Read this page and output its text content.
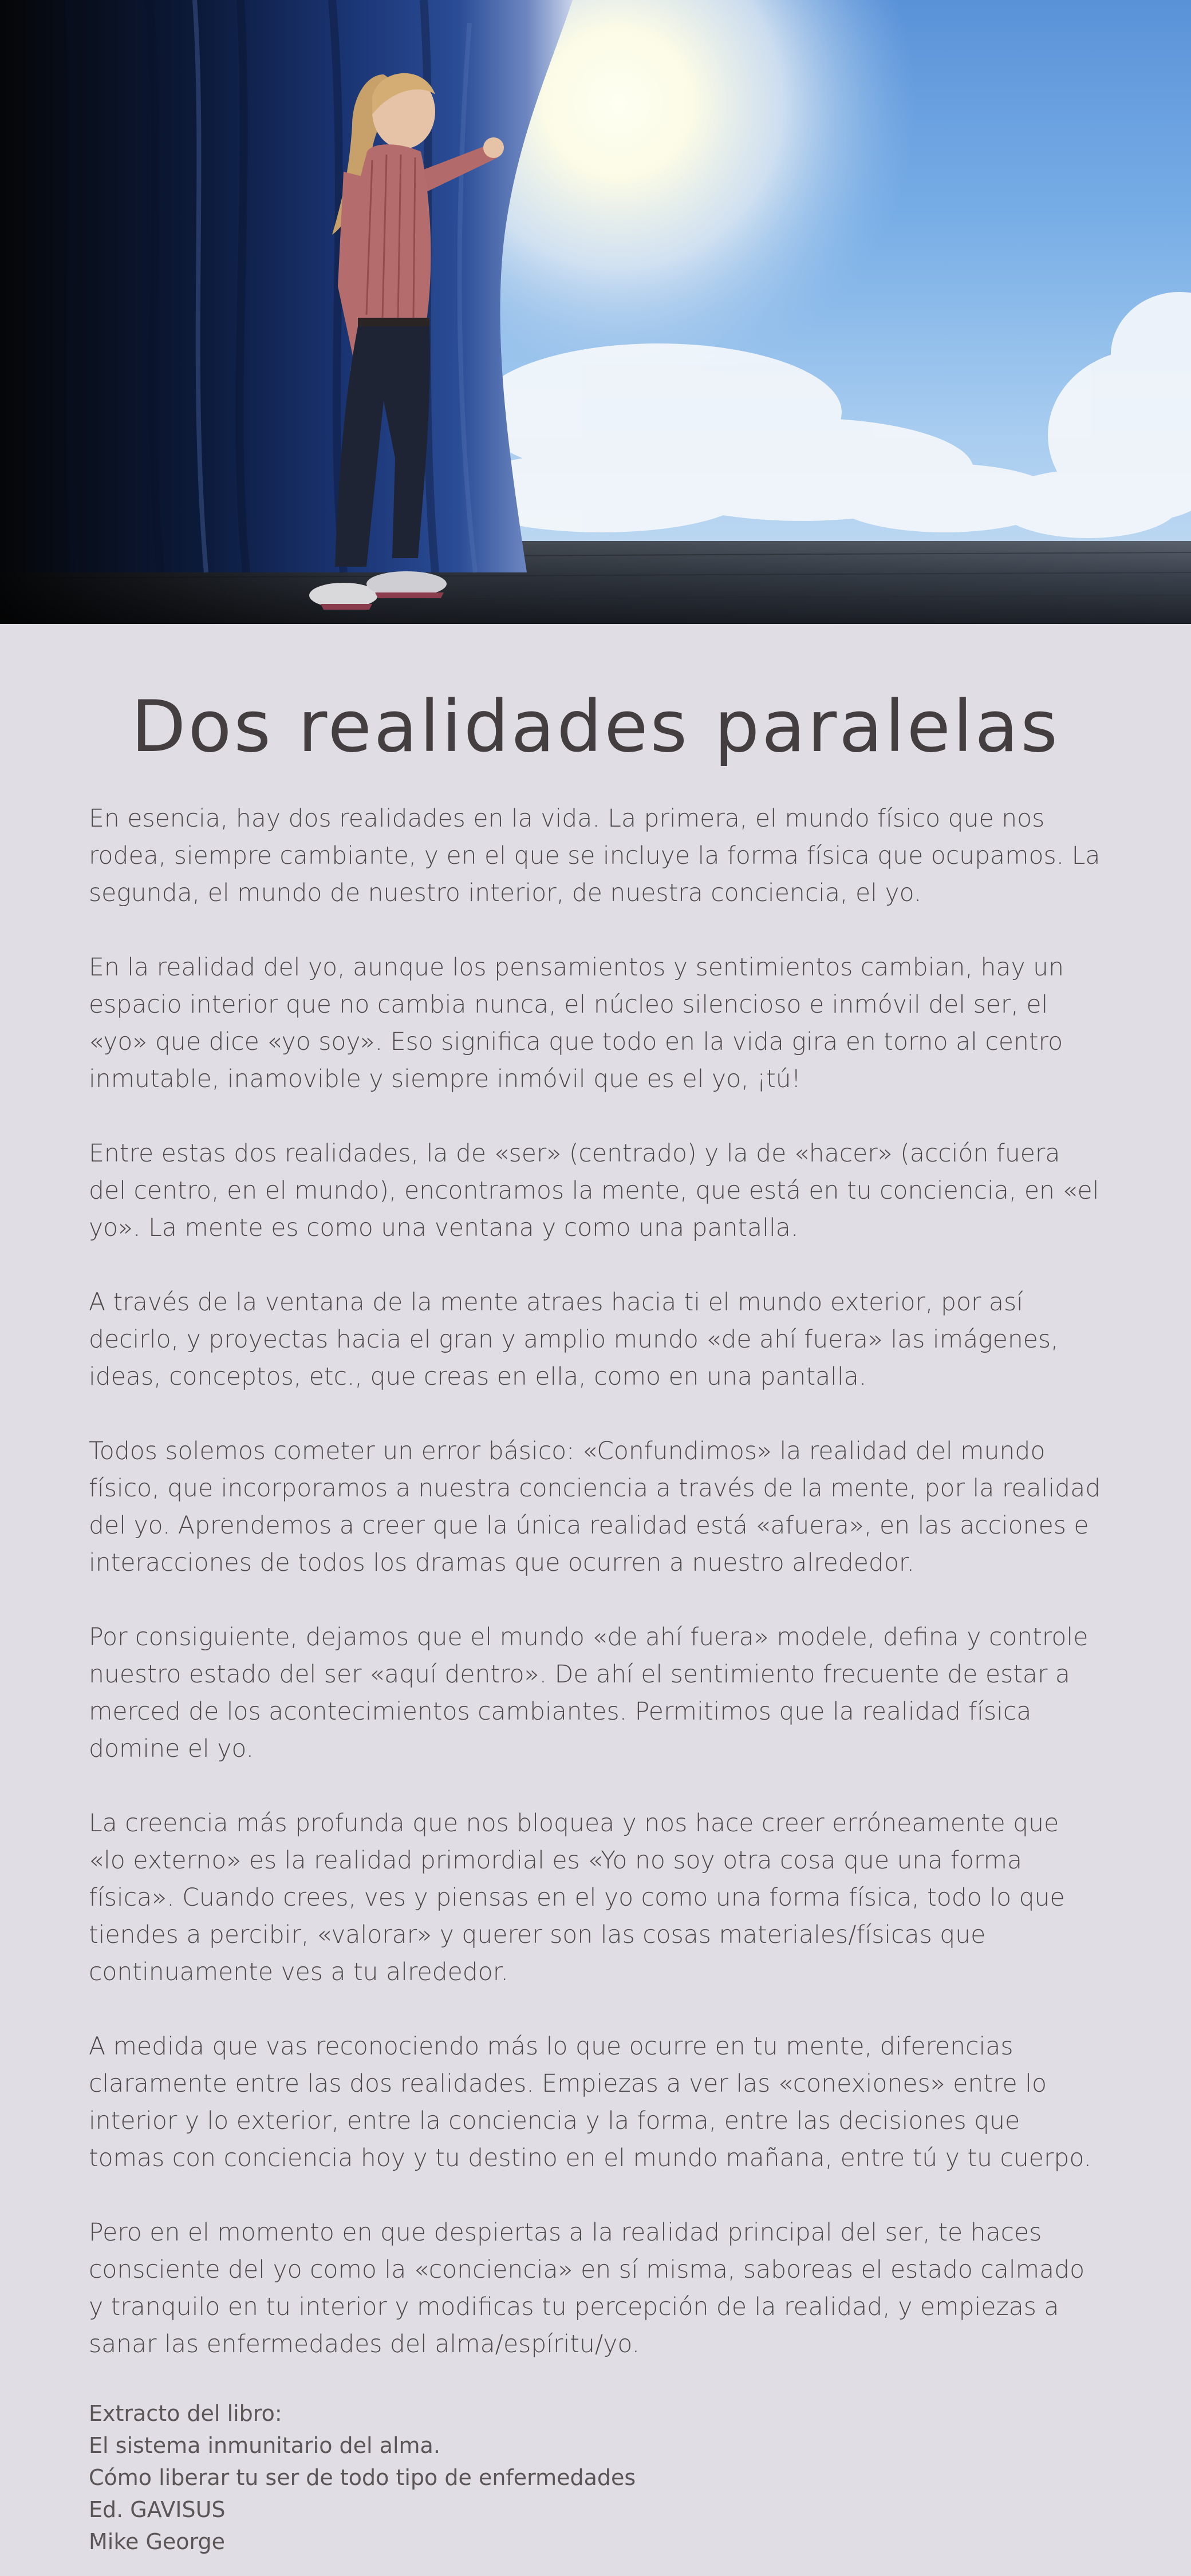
Dos realidades paralelas

En esencia, hay dos realidades en la vida. La primera, el mundo físico que nos rodea, siempre cambiante, y en el que se incluye la forma física que ocupamos. La segunda, el mundo de nuestro interior, de nuestra conciencia, el yo.

En la realidad del yo, aunque los pensamientos y sentimientos cambian, hay un espacio interior que no cambia nunca, el núcleo silencioso e inmóvil del ser, el «yo» que dice «yo soy». Eso significa que todo en la vida gira en torno al centro inmutable, inamovible y siempre inmóvil que es el yo, ¡tú!

Entre estas dos realidades, la de «ser» (centrado) y la de «hacer» (acción fuera del centro, en el mundo), encontramos la mente, que está en tu conciencia, en «el yo». La mente es como una ventana y como una pantalla.

A través de la ventana de la mente atraes hacia ti el mundo exterior, por así decirlo, y proyectas hacia el gran y amplio mundo «de ahí fuera» las imágenes, ideas, conceptos, etc., que creas en ella, como en una pantalla.

Todos solemos cometer un error básico: «Confundimos» la realidad del mundo físico, que incorporamos a nuestra conciencia a través de la mente, por la realidad del yo. Aprendemos a creer que la única realidad está «afuera», en las acciones e interacciones de todos los dramas que ocurren a nuestro alrededor.

Por consiguiente, dejamos que el mundo «de ahí fuera» modele, defina y controle nuestro estado del ser «aquí dentro». De ahí el sentimiento frecuente de estar a merced de los acontecimientos cambiantes. Permitimos que la realidad física domine el yo.

La creencia más profunda que nos bloquea y nos hace creer erróneamente que «lo externo» es la realidad primordial es «Yo no soy otra cosa que una forma física». Cuando crees, ves y piensas en el yo como una forma física, todo lo que tiendes a percibir, «valorar» y querer son las cosas materiales/físicas que continuamente ves a tu alrededor.

A medida que vas reconociendo más lo que ocurre en tu mente, diferencias claramente entre las dos realidades. Empiezas a ver las «conexiones» entre lo interior y lo exterior, entre la conciencia y la forma, entre las decisiones que tomas con conciencia hoy y tu destino en el mundo mañana, entre tú y tu cuerpo.

Pero en el momento en que despiertas a la realidad principal del ser, te haces consciente del yo como la «conciencia» en sí misma, saboreas el estado calmado y tranquilo en tu interior y modificas tu percepción de la realidad, y empiezas a sanar las enfermedades del alma/espíritu/yo.

Extracto del libro:
El sistema inmunitario del alma.
Cómo liberar tu ser de todo tipo de enfermedades
Ed. GAVISUS
Mike George
